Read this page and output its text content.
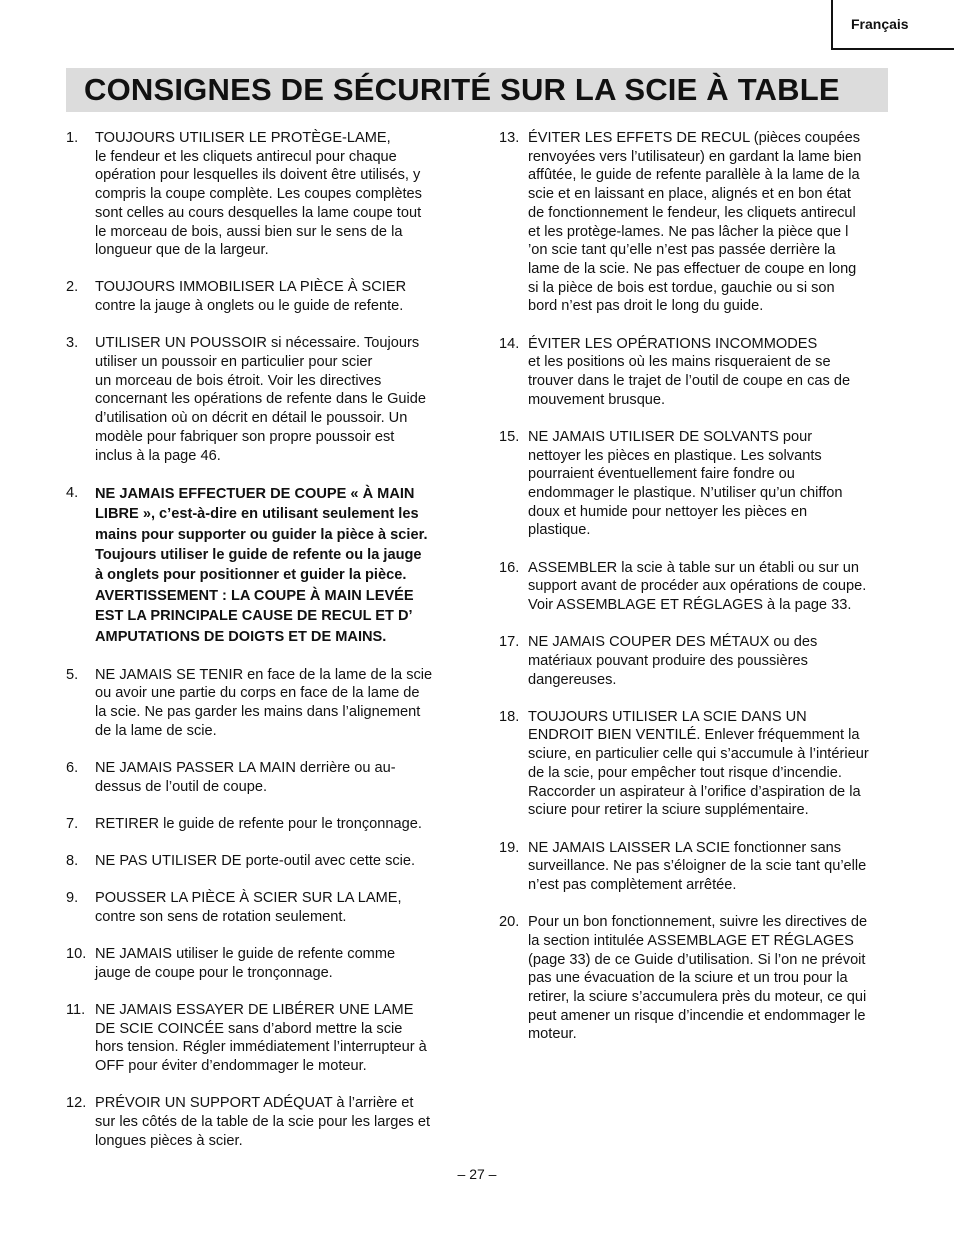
Français
CONSIGNES DE SÉCURITÉ SUR LA SCIE À TABLE
1.	TOUJOURS UTILISER LE PROTÈGE-LAME,
le fendeur et les cliquets antirecul pour chaque
opération pour lesquelles ils doivent être utilisés, y
compris la coupe complète. Les coupes complètes
sont celles au cours desquelles la lame coupe tout
le morceau de bois, aussi bien sur le sens de la
longueur que de la largeur.
2.	TOUJOURS IMMOBILISER LA PIÈCE À SCIER
contre la jauge à onglets ou le guide de refente.
3.	UTILISER UN POUSSOIR si nécessaire. Toujours
utiliser un poussoir en particulier pour scier
un morceau de bois étroit. Voir les directives
concernant les opérations de refente dans le Guide
d’utilisation où on décrit en détail le poussoir. Un
modèle pour fabriquer son propre poussoir est
inclus à la page 46.
4.	NE JAMAIS EFFECTUER DE COUPE « À MAIN
LIBRE », c’est-à-dire en utilisant seulement les
mains pour supporter ou guider la pièce à scier.
Toujours utiliser le guide de refente ou la jauge
à onglets pour positionner et guider la pièce.
AVERTISSEMENT : LA COUPE À MAIN LEVÉE
EST LA PRINCIPALE CAUSE DE RECUL ET D’
AMPUTATIONS DE DOIGTS ET DE MAINS.
5.	NE JAMAIS SE TENIR en face de la lame de la scie
ou avoir une partie du corps en face de la lame de
la scie. Ne pas garder les mains dans l’alignement
de la lame de scie.
6.	NE JAMAIS PASSER LA MAIN derrière ou au-
dessus de l’outil de coupe.
7.	RETIRER le guide de refente pour le tronçonnage.
8.	NE PAS UTILISER DE porte-outil avec cette scie.
9.	POUSSER LA PIÈCE À SCIER SUR LA LAME,
contre son sens de rotation seulement.
10. NE JAMAIS utiliser le guide de refente comme
jauge de coupe pour le tronçonnage.
11. NE JAMAIS ESSAYER DE LIBÉRER UNE LAME
DE SCIE COINCÉE sans d’abord mettre la scie
hors tension. Régler immédiatement l’interrupteur à
OFF pour éviter d’endommager le moteur.
12. PRÉVOIR UN SUPPORT ADÉQUAT à l’arrière et
sur les côtés de la table de la scie pour les larges et
longues pièces à scier.
13. ÉVITER LES EFFETS DE RECUL (pièces coupées
renvoyées vers l’utilisateur) en gardant la lame bien
affûtée, le guide de refente parallèle à la lame de la
scie et en laissant en place, alignés et en bon état
de fonctionnement le fendeur, les cliquets antirecul
et les protège-lames. Ne pas lâcher la pièce que l
’on scie tant qu’elle n’est pas passée derrière la
lame de la scie. Ne pas effectuer de coupe en long
si la pièce de bois est tordue, gauchie ou si son
bord n’est pas droit le long du guide.
14. ÉVITER LES OPÉRATIONS INCOMMODES
et les positions où les mains risqueraient de se
trouver dans le trajet de l’outil de coupe en cas de
mouvement brusque.
15. NE JAMAIS UTILISER DE SOLVANTS pour
nettoyer les pièces en plastique. Les solvants
pourraient éventuellement faire fondre ou
endommager le plastique. N’utiliser qu’un chiffon
doux et humide pour nettoyer les pièces en
plastique.
16. ASSEMBLER la scie à table sur un établi ou sur un
support avant de procéder aux opérations de coupe.
Voir ASSEMBLAGE ET RÉGLAGES à la page 33.
17. NE JAMAIS COUPER DES MÉTAUX ou des
matériaux pouvant produire des poussières
dangereuses.
18. TOUJOURS UTILISER LA SCIE DANS UN
ENDROIT BIEN VENTILÉ. Enlever fréquemment la
sciure, en particulier celle qui s’accumule à l’intérieur
de la scie, pour empêcher tout risque d’incendie.
Raccorder un aspirateur à l’orifice d’aspiration de la
sciure pour retirer la sciure supplémentaire.
19. NE JAMAIS LAISSER LA SCIE fonctionner sans
surveillance. Ne pas s’éloigner de la scie tant qu’elle
n’est pas complètement arrêtée.
20. Pour un bon fonctionnement, suivre les directives de
la section intitulée ASSEMBLAGE ET RÉGLAGES
(page 33) de ce Guide d’utilisation. Si l’on ne prévoit
pas une évacuation de la sciure et un trou pour la
retirer, la sciure s’accumulera près du moteur, ce qui
peut amener un risque d’incendie et endommager le
moteur.
– 27 –
